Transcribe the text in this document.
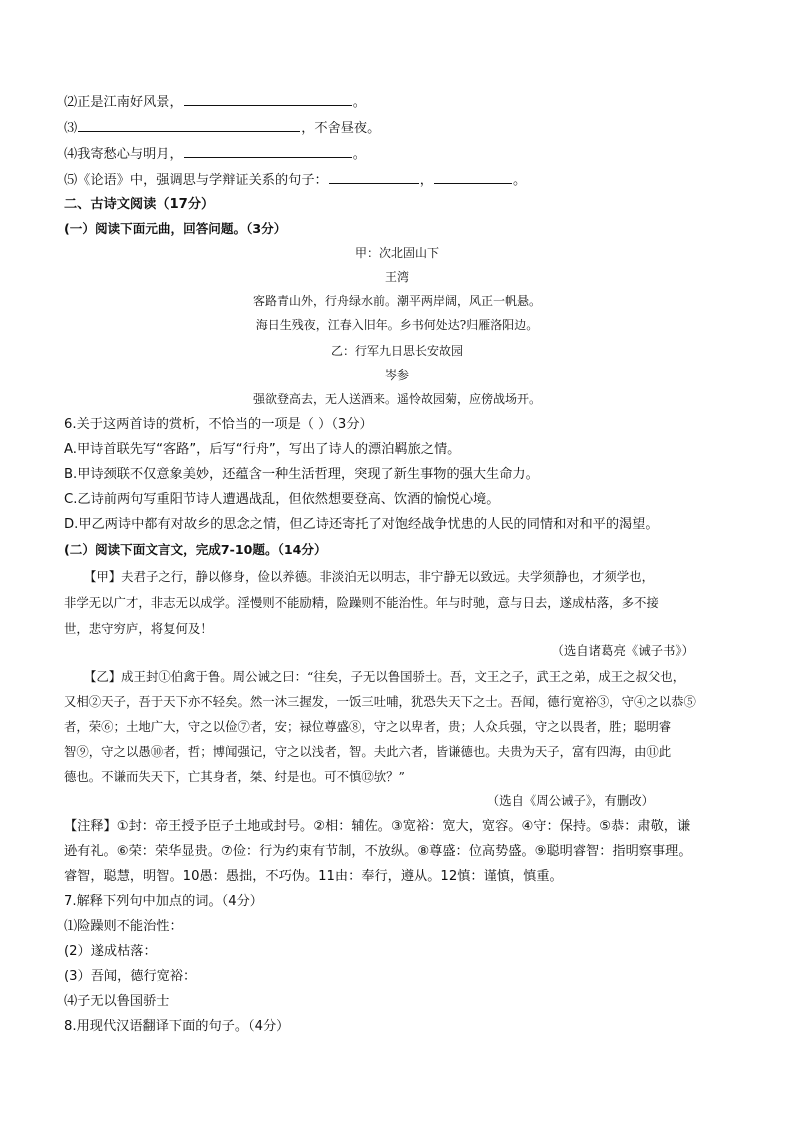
⑵正是江南好风景，	。
⑶	，不舍昼夜。
⑷我寄愁心与明月，	。
⑸《论语》中，强调思与学辩证关系的句子：	，	。
二、古诗文阅读（17分）
(一）阅读下面元曲，回答问题。（3分）
甲：次北固山下
王湾
客路青山外，行舟绿水前。潮平两岸阔，风正一帆悬。
海日生残夜，江春入旧年。乡书何处达?归雁洛阳边。
乙：行军九日思长安故园
岑参
强欲登高去，无人送酒来。遥怜故园菊，应傍战场开。
6.关于这两首诗的赏析，不恰当的一项是（ ）（3分）
A.甲诗首联先写“客路”，后写“行舟”，写出了诗人的漂泊羁旅之情。
B.甲诗颈联不仅意象美妙，还蕴含一种生活哲理，突现了新生事物的强大生命力。
C.乙诗前两句写重阳节诗人遭遇战乱，但依然想要登高、饮酒的愉悦心境。
D.甲乙两诗中都有对故乡的思念之情，但乙诗还寄托了对饱经战争忧患的人民的同情和对和平的渴望。
(二）阅读下面文言文，完成7-10题。（14分）
【甲】夫君子之行，静以修身，俭以养德。非淡泊无以明志，非宁静无以致远。夫学须静也，才须学也，
非学无以广才，非志无以成学。淫慢则不能励精，险躁则不能治性。年与时驰，意与日去，遂成枯落，多不接
世，悲守穷庐，将复何及！
（选自诸葛亮《诫子书》）
【乙】成王封①伯禽于鲁。周公诫之曰：“往矣，子无以鲁国骄士。吾，文王之子，武王之弟，成王之叔父也，
又相②天子，吾于天下亦不轻矣。然一沐三握发，一饭三吐哺，犹恐失天下之士。吾闻，德行宽裕③，守④之以恭⑤
者，荣⑥；土地广大，守之以俭⑦者，安；禄位尊盛⑧，守之以卑者，贵；人众兵强，守之以畏者，胜；聪明睿
智⑨，守之以愚⑩者，哲；博闻强记，守之以浅者，智。夫此六者，皆谦德也。夫贵为天子，富有四海，由⑪此
德也。不谦而失天下，亡其身者，桀、纣是也。可不慎⑫欤？”
（选自《周公诫子》，有删改）
【注释】①封：帝王授予臣子土地或封号。②相：辅佐。③宽裕：宽大，宽容。④守：保持。⑤恭：肃敬，谦
逊有礼。⑥荣：荣华显贵。⑦俭：行为约束有节制，不放纵。⑧尊盛：位高势盛。⑨聪明睿智：指明察事理。
睿智，聪慧，明智。10愚：愚拙，不巧伪。11由：奉行，遵从。12慎：谨慎，慎重。
7.解释下列句中加点的词。（4分）
⑴险躁则不能治性：
(2）遂成枯落：
(3）吾闻，德行宽裕：
⑷子无以鲁国骄士
8.用现代汉语翻译下面的句子。（4分）
